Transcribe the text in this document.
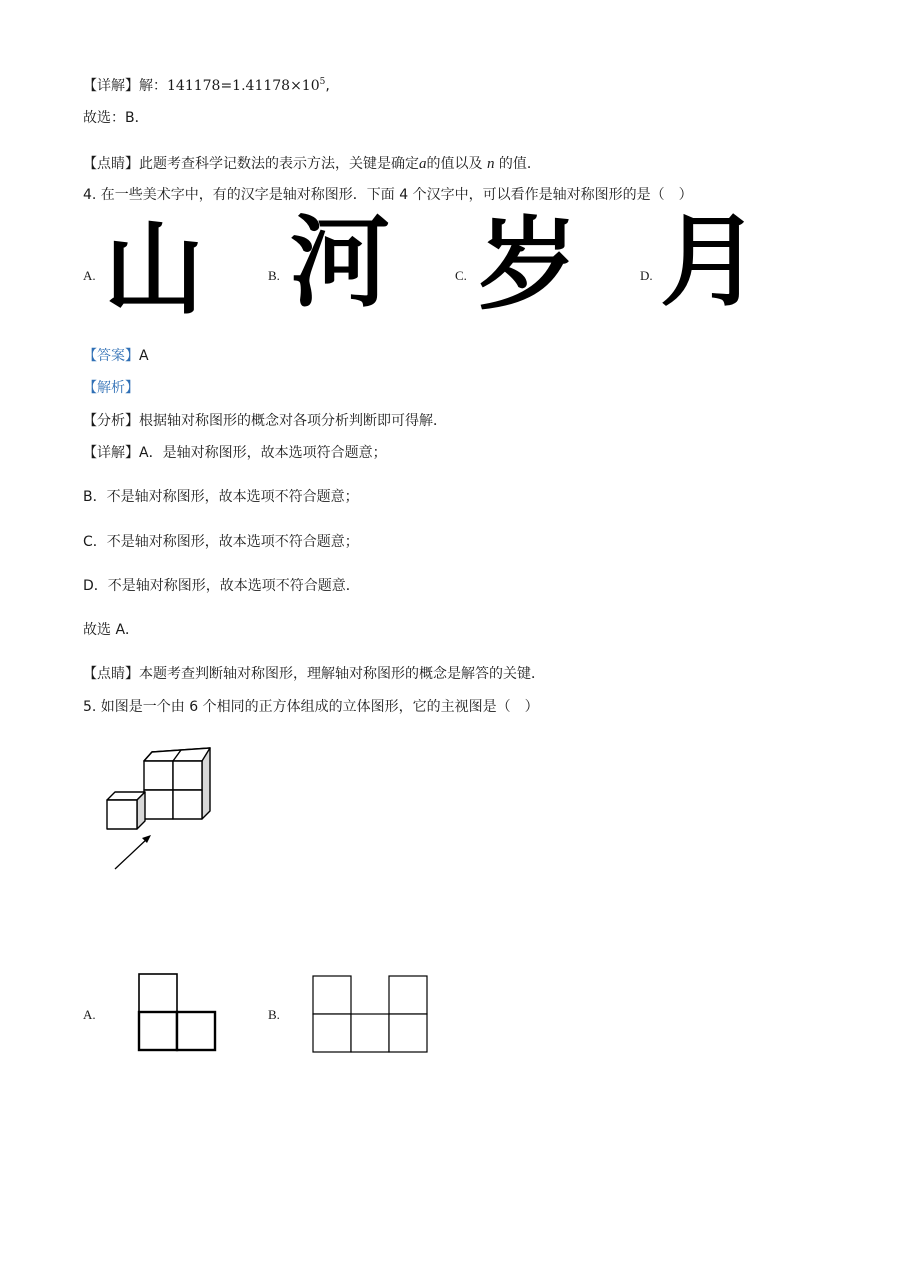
【详解】解：$141178=1.41178\times 10^5$,
故选：B．
【点睛】此题考查科学记数法的表示方法，关键是确定a的值以及 n 的值．
4. 在一些美术字中，有的汉字是轴对称图形．下面 4 个汉字中，可以看作是轴对称图形的是（　）
A. 山	B. 河	C. 岁	D. 月
【答案】A
【解析】
【分析】根据轴对称图形的概念对各项分析判断即可得解．
【详解】A．是轴对称图形，故本选项符合题意；
B．不是轴对称图形，故本选项不符合题意；
C．不是轴对称图形，故本选项不符合题意；
D．不是轴对称图形，故本选项不符合题意．
故选 A．
【点睛】本题考查判断轴对称图形，理解轴对称图形的概念是解答的关键．
5. 如图是一个由 6 个相同的正方体组成的立体图形，它的主视图是（　）
A.	B.
